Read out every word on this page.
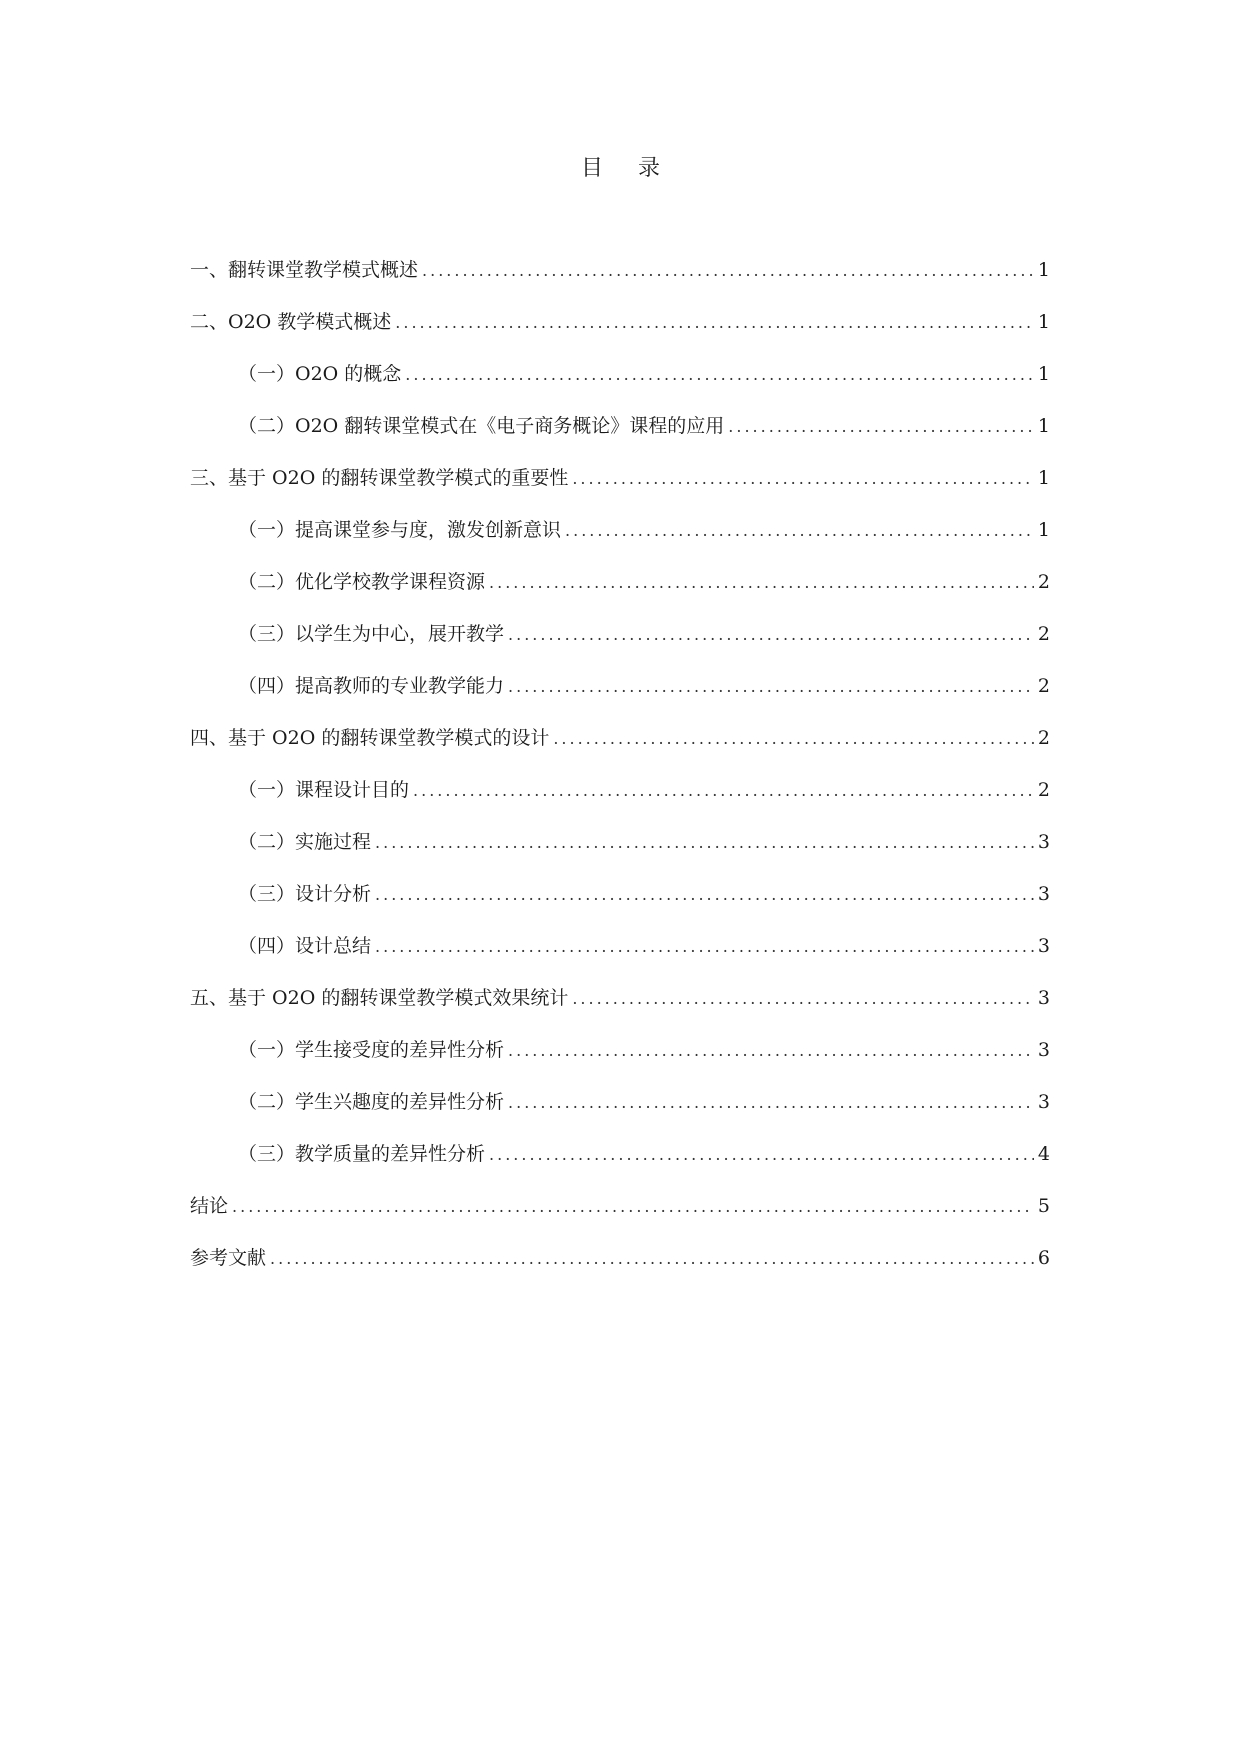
目 录
一、翻转课堂教学模式概述 .....	1
二、O2O 教学模式概述 .....	1
（一）O2O 的概念 .....	1
（二）O2O 翻转课堂模式在《电子商务概论》课程的应用 .....	1
三、基于 O2O 的翻转课堂教学模式的重要性 .....	1
（一）提高课堂参与度，激发创新意识 .....	1
（二）优化学校教学课程资源 .....	2
（三）以学生为中心，展开教学 .....	2
（四）提高教师的专业教学能力 .....	2
四、基于 O2O 的翻转课堂教学模式的设计 .....	2
（一）课程设计目的 .....	2
（二）实施过程 .....	3
（三）设计分析 .....	3
（四）设计总结 .....	3
五、基于 O2O 的翻转课堂教学模式效果统计 .....	3
（一）学生接受度的差异性分析 .....	3
（二）学生兴趣度的差异性分析 .....	3
（三）教学质量的差异性分析 .....	4
结论 .....	5
参考文献 .....	6
